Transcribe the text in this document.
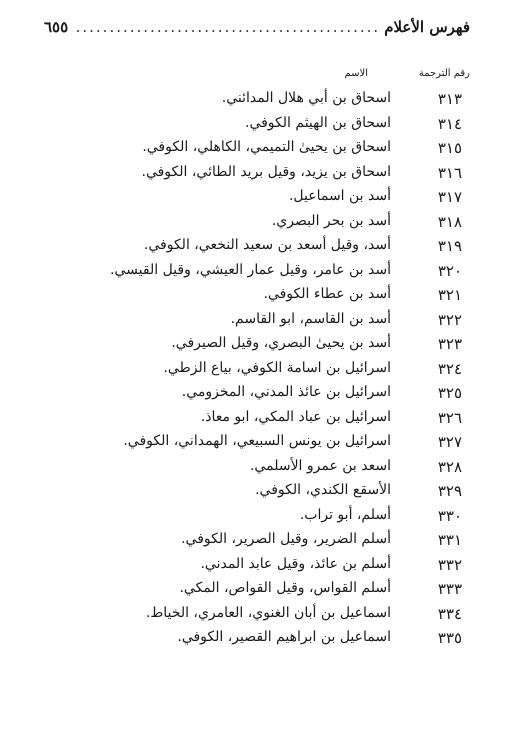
فهرس الأعلام
.....
٦٥٥
رقم الترجمة
الاسم
٣١٣
اسحاق بن أبي هلال المدائني.
٣١٤
اسحاق بن الهيثم الكوفي.
٣١٥
اسحاق بن يحيىٰ التميمي، الكاهلي، الكوفي.
٣١٦
اسحاق بن يزيد، وقيل بريد الطائي، الكوفي.
٣١٧
أسد بن اسماعيل.
٣١٨
أسد بن بحر البصري.
٣١٩
أسد، وقيل أسعد بن سعيد النخعي، الكوفي.
٣٢٠
أسد بن عامر، وقيل عمار العيشي، وقيل القيسي.
٣٢١
أسد بن عطاء الكوفي.
٣٢٢
أسد بن القاسم، ابو القاسم.
٣٢٣
أسد بن يحيىٰ البصري، وقيل الصيرفي.
٣٢٤
اسرائيل بن اسامة الكوفي، بياع الزطي.
٣٢٥
اسرائيل بن عائذ المدني، المخزومي.
٣٢٦
اسرائيل بن عباد المكي، ابو معاذ.
٣٢٧
اسرائيل بن يونس السبيعي، الهمداني، الكوفي.
٣٢٨
اسعد بن عمرو الأسلمي.
٣٢٩
الأسقع الكندي، الكوفي.
٣٣٠
أسلم، أبو تراب.
٣٣١
أسلم الضرير، وقيل الصرير، الكوفي.
٣٣٢
أسلم بن عائذ، وقيل عابد المدني.
٣٣٣
أسلم القواس، وقيل القواص، المكي.
٣٣٤
اسماعيل بن أبان الغنوي، العامري، الخياط.
٣٣٥
اسماعيل بن ابراهيم القصير، الكوفي.
